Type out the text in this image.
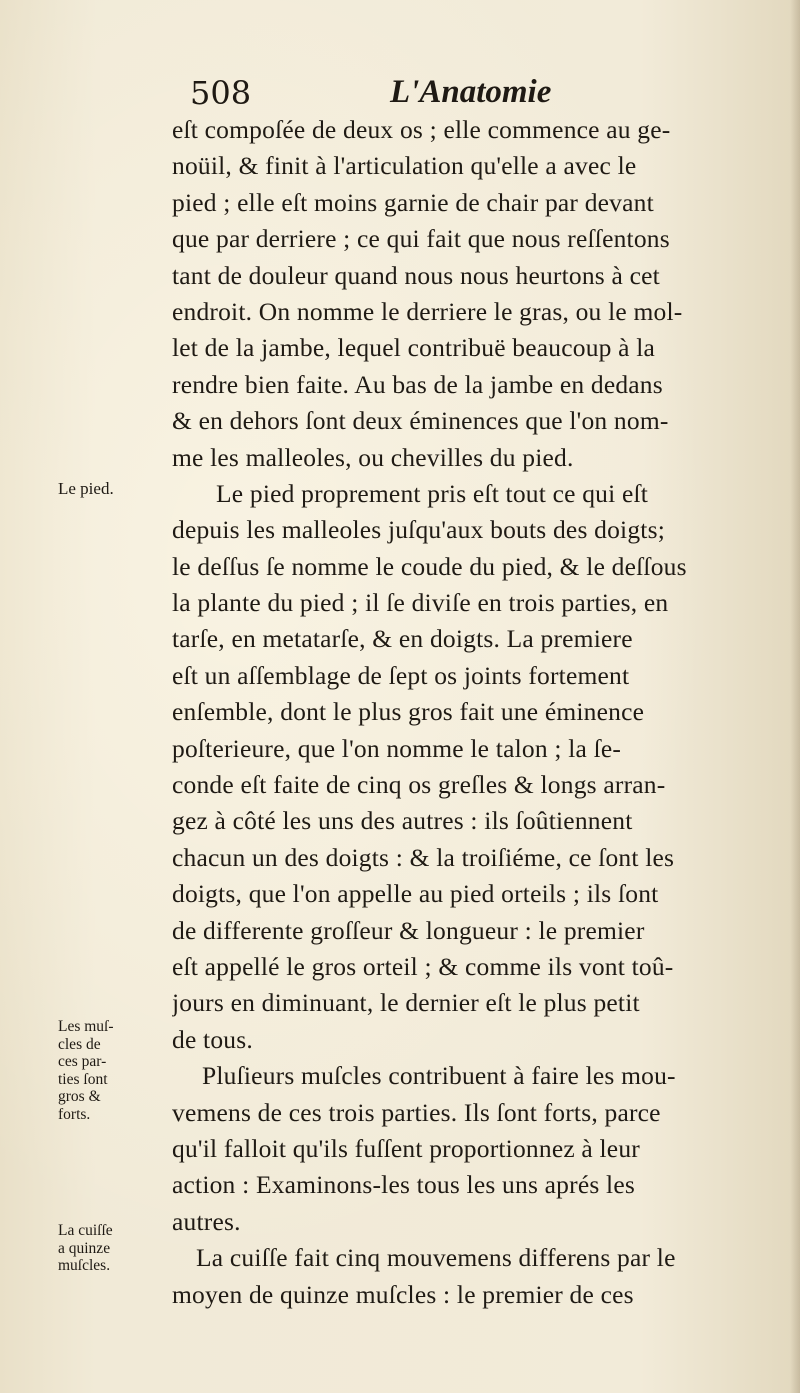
508	L'Anatomie
eſt compoſée de deux os ; elle commence au ge-
noüil, & finit à l'articulation qu'elle a avec le
pied ; elle eſt moins garnie de chair par devant
que par derriere ; ce qui fait que nous reſſentons
tant de douleur quand nous nous heurtons à cet
endroit. On nomme le derriere le gras, ou le mol-
let de la jambe, lequel contribuë beaucoup à la
rendre bien faite. Au bas de la jambe en dedans
& en dehors ſont deux éminences que l'on nom-
me les malleoles, ou chevilles du pied.
Le pied proprement pris eſt tout ce qui eſt
depuis les malleoles juſqu'aux bouts des doigts;
le deſſus ſe nomme le coude du pied, & le deſſous
la plante du pied ; il ſe diviſe en trois parties, en
tarſe, en metatarſe, & en doigts. La premiere
eſt un aſſemblage de ſept os joints fortement
enſemble, dont le plus gros fait une éminence
poſterieure, que l'on nomme le talon ; la ſe-
conde eſt faite de cinq os greſles & longs arran-
gez à côté les uns des autres : ils ſoûtiennent
chacun un des doigts : & la troiſiéme, ce ſont les
doigts, que l'on appelle au pied orteils ; ils ſont
de differente groſſeur & longueur : le premier
eſt appellé le gros orteil ; & comme ils vont toû-
jours en diminuant, le dernier eſt le plus petit
de tous.
Pluſieurs muſcles contribuent à faire les mou-
vemens de ces trois parties. Ils ſont forts, parce
qu'il falloit qu'ils fuſſent proportionnez à leur
action : Examinons-les tous les uns aprés les
autres.
La cuiſſe fait cinq mouvemens differens par le
moyen de quinze muſcles : le premier de ces
Le pied.
Les muſ-
cles de
ces par-
ties ſont
gros &
forts.
La cuiſſe
a quinze
muſcles.
